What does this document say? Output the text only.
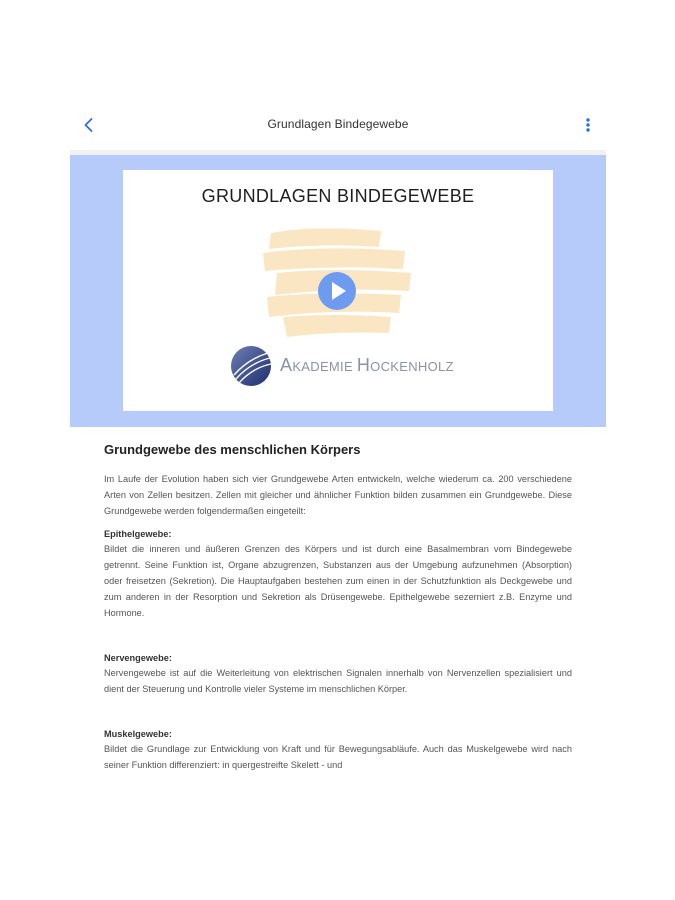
Grundlagen Bindegewebe
GRUNDLAGEN BINDEGEWEBE
AKADEMIE HOCKENHOLZ
Grundgewebe des menschlichen Körpers

Im Laufe der Evolution haben sich vier Grundgewebe Arten entwickeln, welche wiederum ca. 200 verschiedene Arten von Zellen besitzen. Zellen mit gleicher und ähnlicher Funktion bilden zusammen ein Grundgewebe. Diese Grundgewebe werden folgendermaßen eingeteilt:

Epithelgewebe:

Bildet die inneren und äußeren Grenzen des Körpers und ist durch eine Basalmembran vom Bindegewebe getrennt. Seine Funktion ist, Organe abzugrenzen, Substanzen aus der Umgebung aufzunehmen (Absorption) oder freisetzen (Sekretion). Die Hauptaufgaben bestehen zum einen in der Schutzfunktion als Deckgewebe und zum anderen in der Resorption und Sekretion als Drüsengewebe. Epithelgewebe sezerniert z.B. Enzyme und Hormone.

Nervengewebe:

Nervengewebe ist auf die Weiterleitung von elektrischen Signalen innerhalb von Nervenzellen spezialisiert und dient der Steuerung und Kontrolle vieler Systeme im menschlichen Körper.

Muskelgewebe:

Bildet die Grundlage zur Entwicklung von Kraft und für Bewegungsabläufe. Auch das Muskelgewebe wird nach seiner Funktion differenziert: in quergestreifte Skelett - und
